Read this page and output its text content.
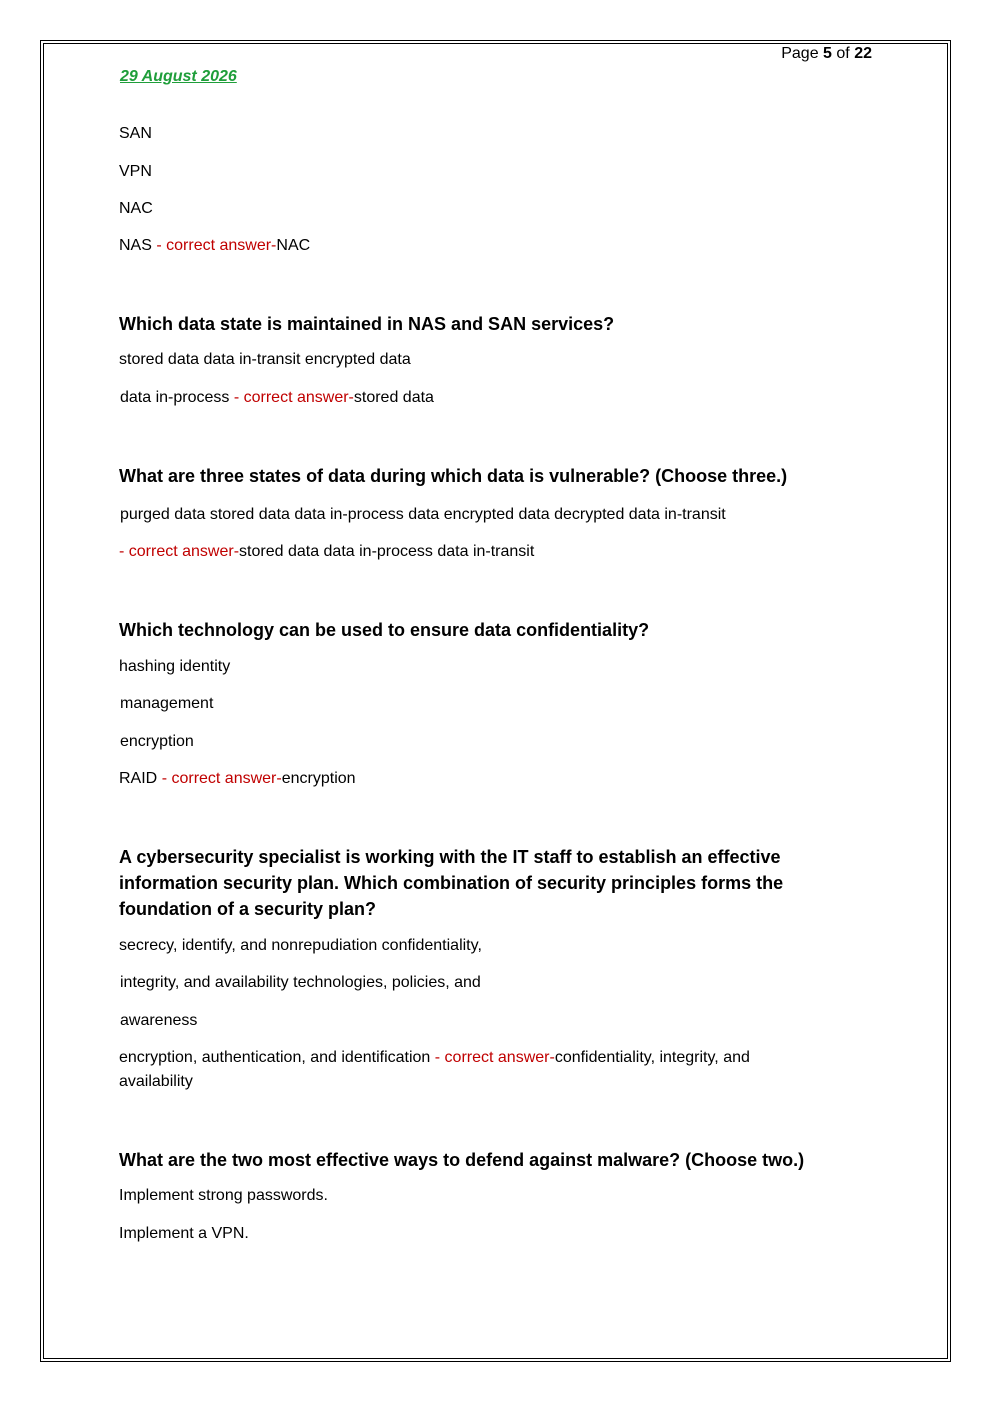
Page 5 of 22
29 August 2026
SAN
VPN
NAC
NAS - correct answer-NAC
Which data state is maintained in NAS and SAN services?
stored data data in-transit encrypted data
data in-process - correct answer-stored data
What are three states of data during which data is vulnerable? (Choose three.)
purged data stored data data in-process data encrypted data decrypted data in-transit
- correct answer-stored data data in-process data in-transit
Which technology can be used to ensure data confidentiality?
hashing identity
management
encryption
RAID - correct answer-encryption
A cybersecurity specialist is working with the IT staff to establish an effective information security plan. Which combination of security principles forms the foundation of a security plan?
secrecy, identify, and nonrepudiation confidentiality,
integrity, and availability technologies, policies, and
awareness
encryption, authentication, and identification - correct answer-confidentiality, integrity, and availability
What are the two most effective ways to defend against malware? (Choose two.)
Implement strong passwords.
Implement a VPN.
